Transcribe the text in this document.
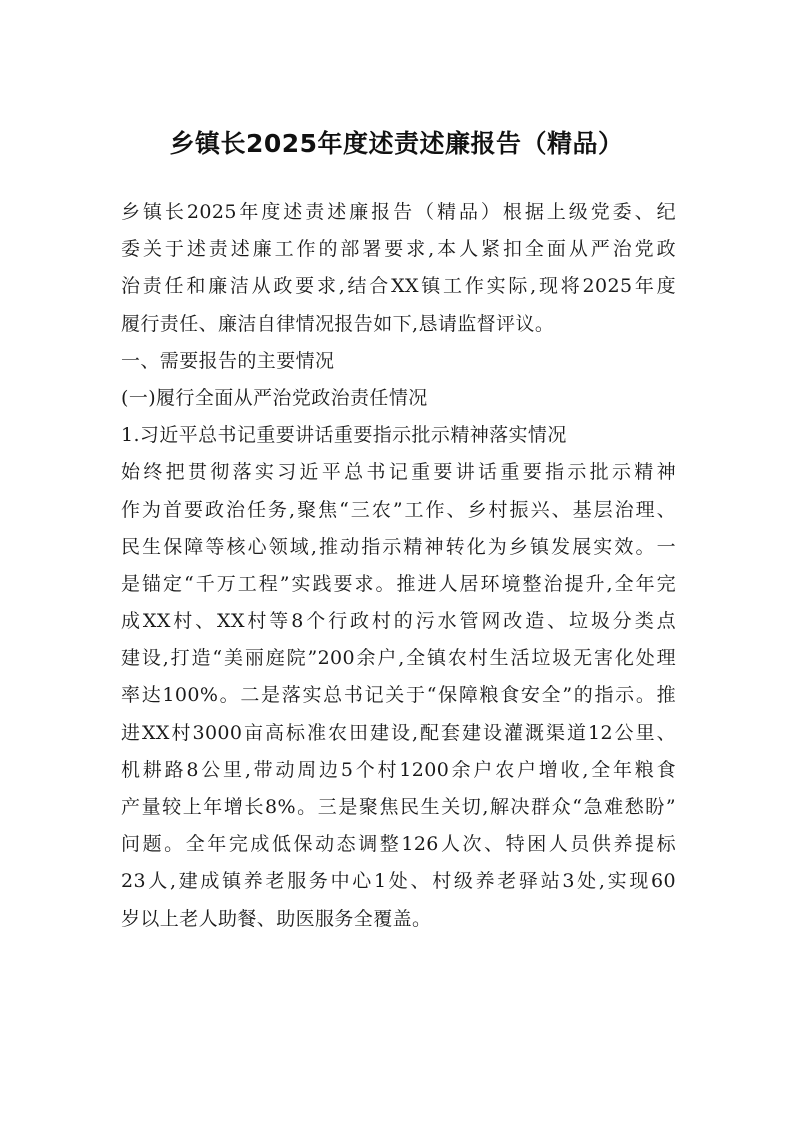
乡镇长2025年度述责述廉报告（精品）
乡镇长2025年度述责述廉报告（精品）根据上级党委、纪
委关于述责述廉工作的部署要求,本人紧扣全面从严治党政
治责任和廉洁从政要求,结合XX镇工作实际,现将2025年度
履行责任、廉洁自律情况报告如下,恳请监督评议。
一、需要报告的主要情况
(一)履行全面从严治党政治责任情况
1.习近平总书记重要讲话重要指示批示精神落实情况
始终把贯彻落实习近平总书记重要讲话重要指示批示精神
作为首要政治任务,聚焦“三农”工作、乡村振兴、基层治理、
民生保障等核心领域,推动指示精神转化为乡镇发展实效。一
是锚定“千万工程”实践要求。推进人居环境整治提升,全年完
成XX村、XX村等8个行政村的污水管网改造、垃圾分类点
建设,打造“美丽庭院”200余户,全镇农村生活垃圾无害化处理
率达100%。二是落实总书记关于“保障粮食安全”的指示。推
进XX村3000亩高标准农田建设,配套建设灌溉渠道12公里、
机耕路8公里,带动周边5个村1200余户农户增收,全年粮食
产量较上年增长8%。三是聚焦民生关切,解决群众“急难愁盼”
问题。全年完成低保动态调整126人次、特困人员供养提标
23人,建成镇养老服务中心1处、村级养老驿站3处,实现60
岁以上老人助餐、助医服务全覆盖。
